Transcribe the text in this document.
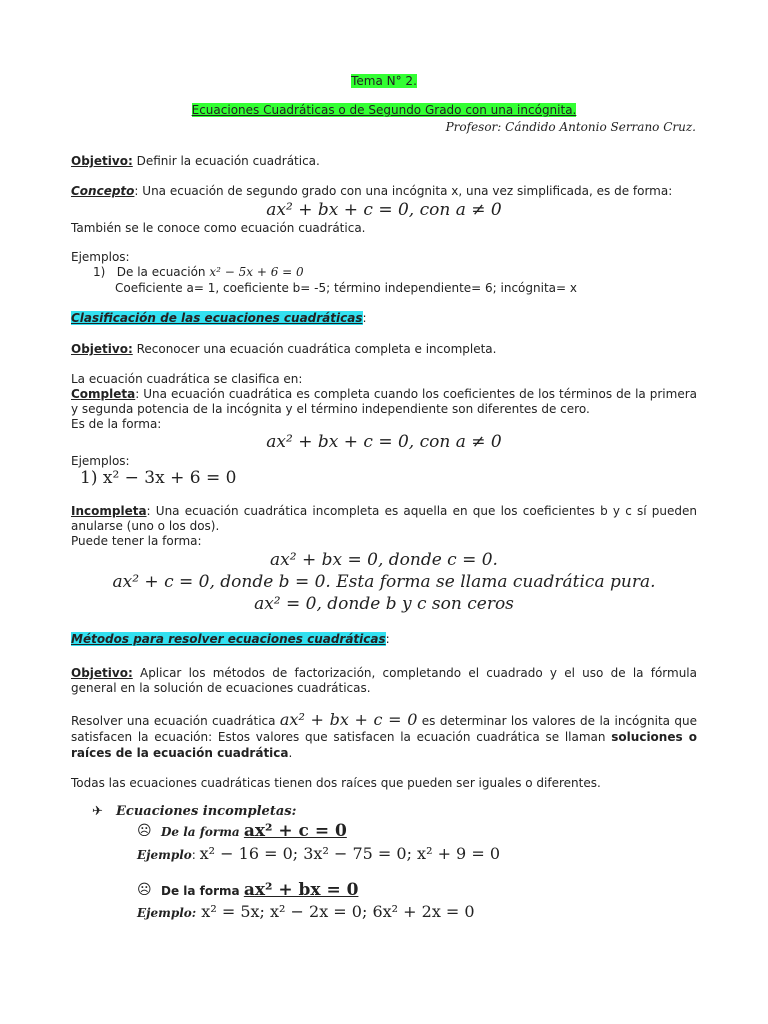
Tema N° 2.
Ecuaciones Cuadráticas o de Segundo Grado con una incógnita.
Profesor: Cándido Antonio Serrano Cruz.
Objetivo: Definir la ecuación cuadrática.
Concepto: Una ecuación de segundo grado con una incógnita x, una vez simplificada, es de forma:
ax² + bx + c = 0, con a ≠ 0
También se le conoce como ecuación cuadrática.
Ejemplos:
1) De la ecuación x² − 5x + 6 = 0
Coeficiente a= 1, coeficiente b= -5; término independiente= 6; incógnita= x
Clasificación de las ecuaciones cuadráticas:
Objetivo: Reconocer una ecuación cuadrática completa e incompleta.
La ecuación cuadrática se clasifica en:
Completa: Una ecuación cuadrática es completa cuando los coeficientes de los términos de la primera y segunda potencia de la incógnita y el término independiente son diferentes de cero.
Es de la forma:
ax² + bx + c = 0, con a ≠ 0
Ejemplos:
1) x² − 3x + 6 = 0
Incompleta: Una ecuación cuadrática incompleta es aquella en que los coeficientes b y c sí pueden anularse (uno o los dos).
Puede tener la forma:
ax² + bx = 0, donde c = 0.
ax² + c = 0, donde b = 0. Esta forma se llama cuadrática pura.
ax² = 0, donde b y c son ceros
Métodos para resolver ecuaciones cuadráticas:
Objetivo: Aplicar los métodos de factorización, completando el cuadrado y el uso de la fórmula general en la solución de ecuaciones cuadráticas.
Resolver una ecuación cuadrática ax² + bx + c = 0 es determinar los valores de la incógnita que satisfacen la ecuación: Estos valores que satisfacen la ecuación cuadrática se llaman soluciones o raíces de la ecuación cuadrática.
Todas las ecuaciones cuadráticas tienen dos raíces que pueden ser iguales o diferentes.
✈ Ecuaciones incompletas:
☹ De la forma ax² + c = 0
Ejemplo: x² − 16 = 0; 3x² − 75 = 0; x² + 9 = 0
☹ De la forma ax² + bx = 0
Ejemplo: x² = 5x; x² − 2x = 0; 6x² + 2x = 0
